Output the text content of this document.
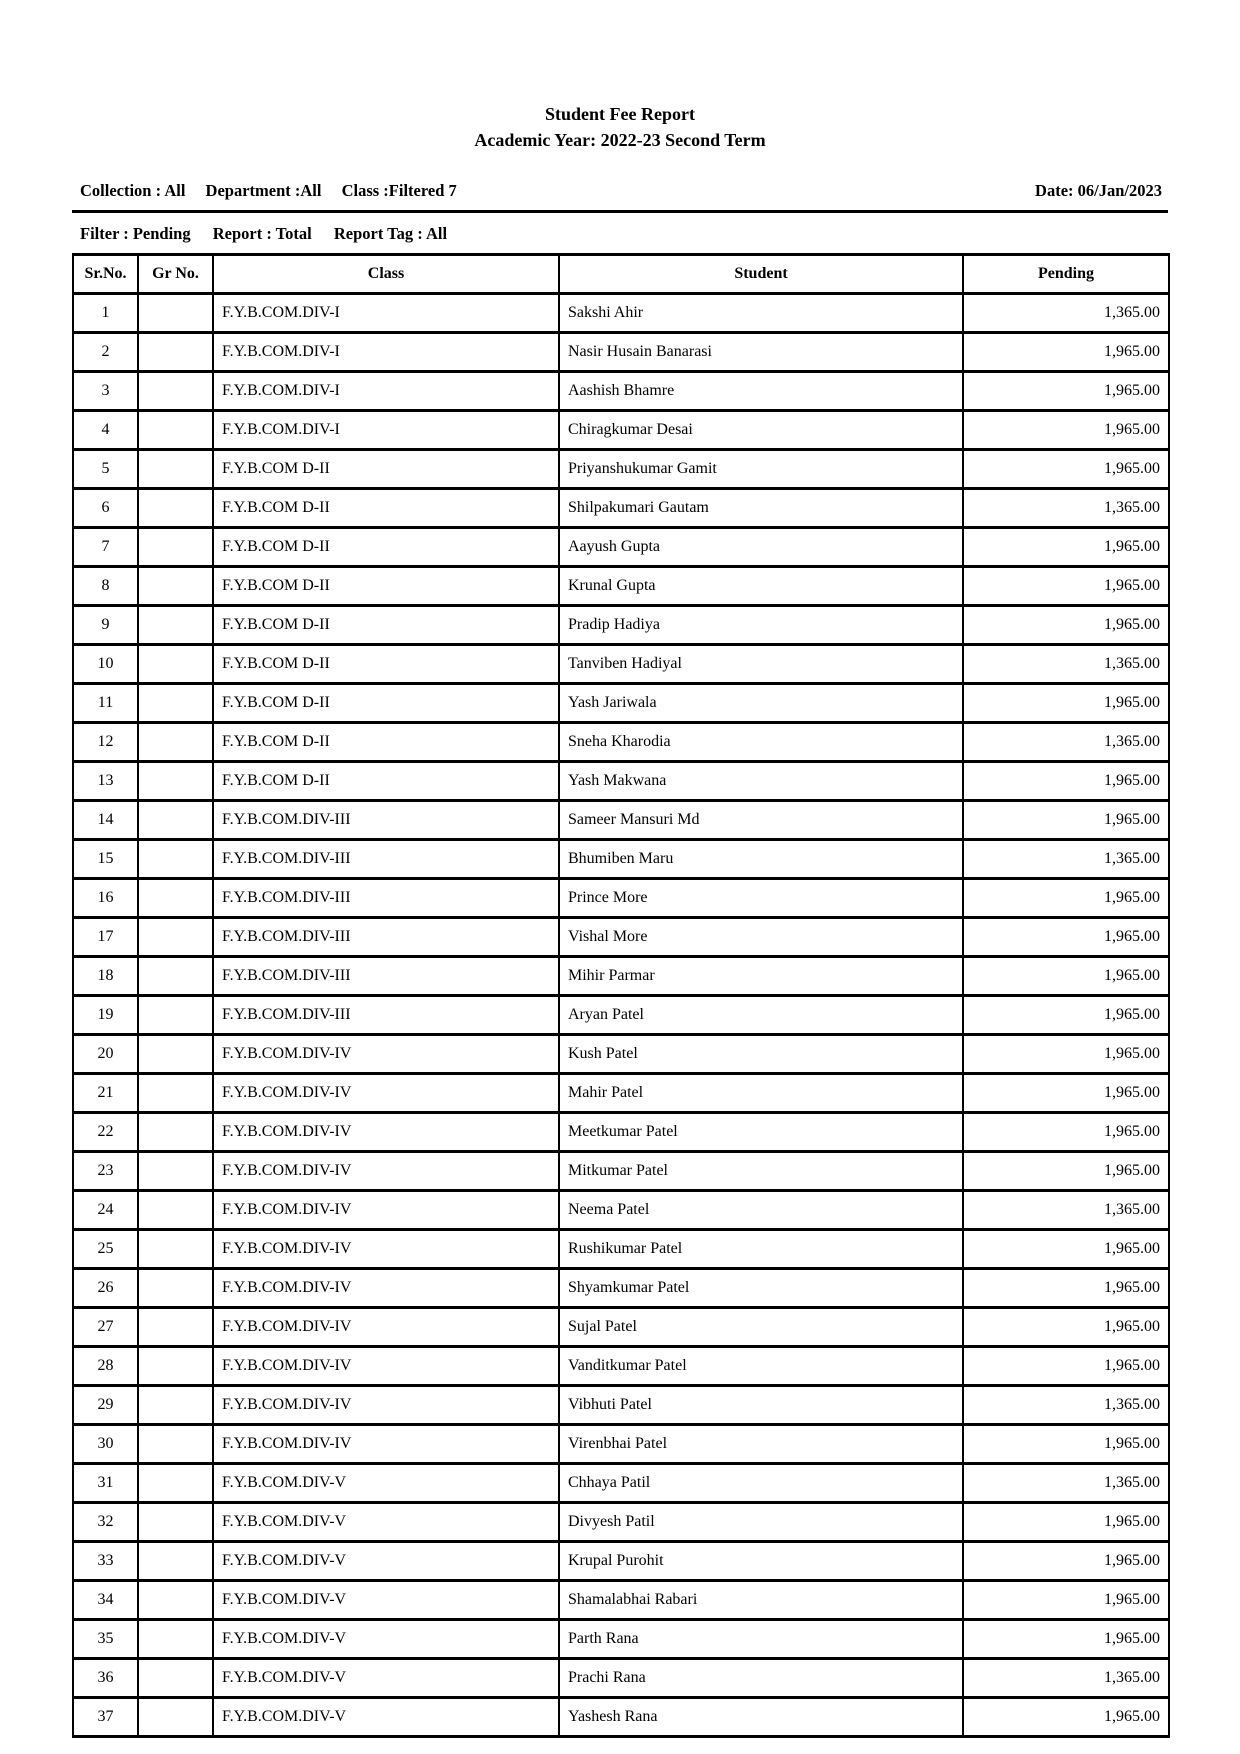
Student Fee Report
Academic Year: 2022-23 Second Term
Collection : All Department :All Class :Filtered 7	Date: 06/Jan/2023
Filter : Pending Report : Total Report Tag : All
Sr.No.	Gr No.	Class	Student	Pending
1		F.Y.B.COM.DIV-I	Sakshi Ahir	1,365.00
2		F.Y.B.COM.DIV-I	Nasir Husain Banarasi	1,965.00
3		F.Y.B.COM.DIV-I	Aashish Bhamre	1,965.00
4		F.Y.B.COM.DIV-I	Chiragkumar Desai	1,965.00
5		F.Y.B.COM D-II	Priyanshukumar Gamit	1,965.00
6		F.Y.B.COM D-II	Shilpakumari Gautam	1,365.00
7		F.Y.B.COM D-II	Aayush Gupta	1,965.00
8		F.Y.B.COM D-II	Krunal Gupta	1,965.00
9		F.Y.B.COM D-II	Pradip Hadiya	1,965.00
10		F.Y.B.COM D-II	Tanviben Hadiyal	1,365.00
11		F.Y.B.COM D-II	Yash Jariwala	1,965.00
12		F.Y.B.COM D-II	Sneha Kharodia	1,365.00
13		F.Y.B.COM D-II	Yash Makwana	1,965.00
14		F.Y.B.COM.DIV-III	Sameer Mansuri Md	1,965.00
15		F.Y.B.COM.DIV-III	Bhumiben Maru	1,365.00
16		F.Y.B.COM.DIV-III	Prince More	1,965.00
17		F.Y.B.COM.DIV-III	Vishal More	1,965.00
18		F.Y.B.COM.DIV-III	Mihir Parmar	1,965.00
19		F.Y.B.COM.DIV-III	Aryan Patel	1,965.00
20		F.Y.B.COM.DIV-IV	Kush Patel	1,965.00
21		F.Y.B.COM.DIV-IV	Mahir Patel	1,965.00
22		F.Y.B.COM.DIV-IV	Meetkumar Patel	1,965.00
23		F.Y.B.COM.DIV-IV	Mitkumar Patel	1,965.00
24		F.Y.B.COM.DIV-IV	Neema Patel	1,365.00
25		F.Y.B.COM.DIV-IV	Rushikumar Patel	1,965.00
26		F.Y.B.COM.DIV-IV	Shyamkumar Patel	1,965.00
27		F.Y.B.COM.DIV-IV	Sujal Patel	1,965.00
28		F.Y.B.COM.DIV-IV	Vanditkumar Patel	1,965.00
29		F.Y.B.COM.DIV-IV	Vibhuti Patel	1,365.00
30		F.Y.B.COM.DIV-IV	Virenbhai Patel	1,965.00
31		F.Y.B.COM.DIV-V	Chhaya Patil	1,365.00
32		F.Y.B.COM.DIV-V	Divyesh Patil	1,965.00
33		F.Y.B.COM.DIV-V	Krupal Purohit	1,965.00
34		F.Y.B.COM.DIV-V	Shamalabhai Rabari	1,965.00
35		F.Y.B.COM.DIV-V	Parth Rana	1,965.00
36		F.Y.B.COM.DIV-V	Prachi Rana	1,365.00
37		F.Y.B.COM.DIV-V	Yashesh Rana	1,965.00
